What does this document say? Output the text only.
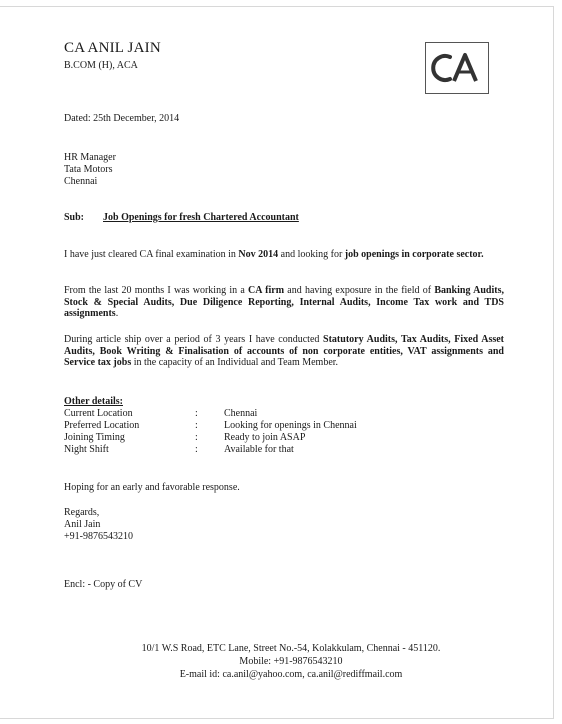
CA ANIL JAIN
B.COM (H), ACA
Dated: 25th December, 2014
HR Manager
Tata Motors
Chennai
Sub: Job Openings for fresh Chartered Accountant
I have just cleared CA final examination in Nov 2014 and looking for job openings in corporate sector.
From the last 20 months I was working in a CA firm and having exposure in the field of Banking Audits, Stock & Special Audits, Due Diligence Reporting, Internal Audits, Income Tax work and TDS assignments.
During article ship over a period of 3 years I have conducted Statutory Audits, Tax Audits, Fixed Asset Audits, Book Writing & Finalisation of accounts of non corporate entities, VAT assignments and Service tax jobs in the capacity of an Individual and Team Member.
Other details:
Current Location	:	Chennai
Preferred Location	:	Looking for openings in Chennai
Joining Timing	:	Ready to join ASAP
Night Shift	:	Available for that
Hoping for an early and favorable response.
Regards,
Anil Jain
+91-9876543210
Encl: - Copy of CV
10/1 W.S Road, ETC Lane, Street No.-54, Kolakkulam, Chennai - 451120.
Mobile: +91-9876543210
E-mail id: ca.anil@yahoo.com, ca.anil@rediffmail.com
